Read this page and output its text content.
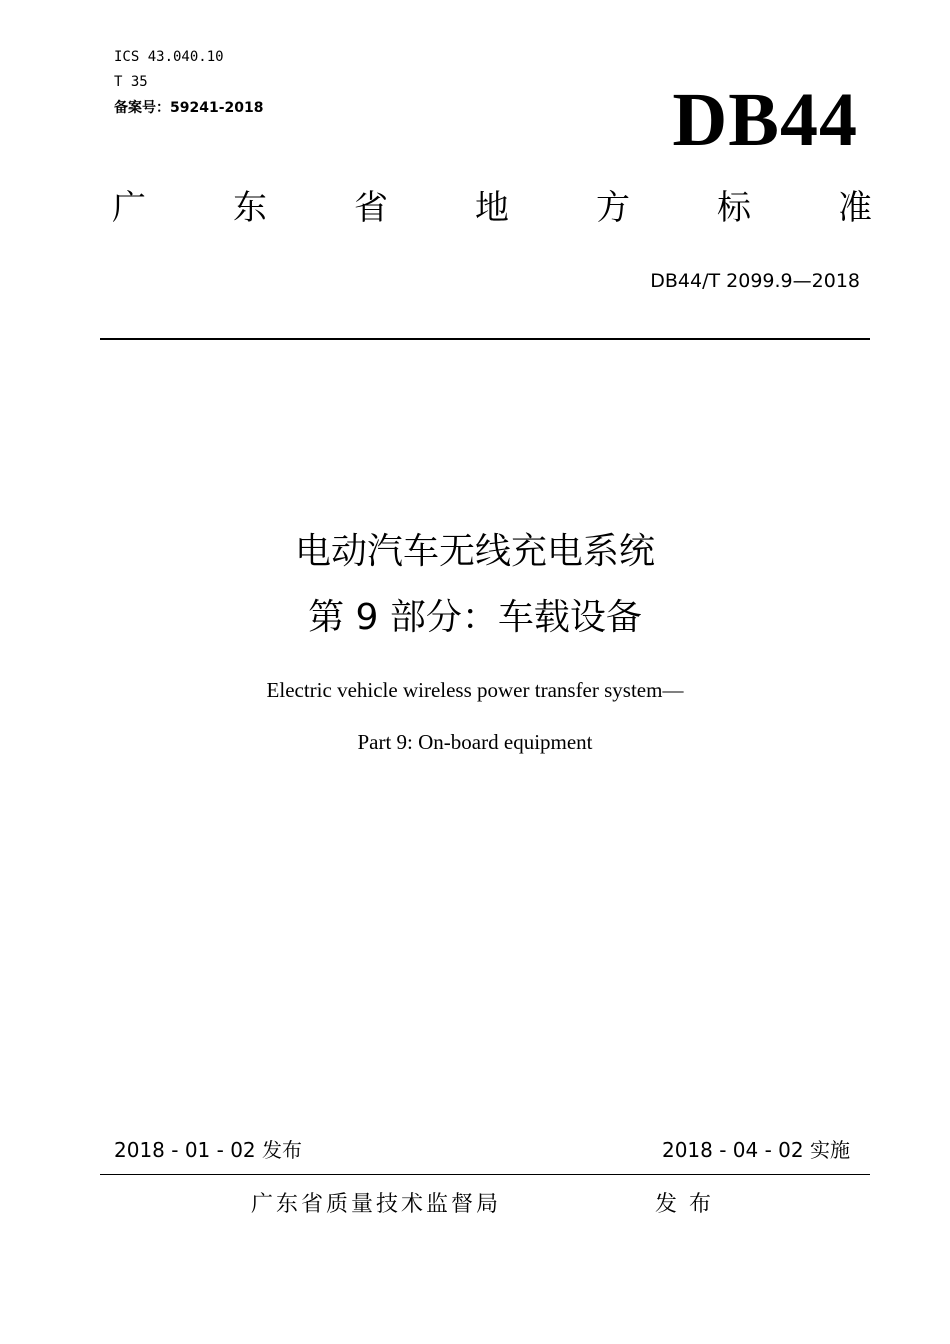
ICS 43.040.10
T 35
备案号：59241-2018	DB44
广	东	省	地	方	标	准
DB44/T 2099.9—2018
电动汽车无线充电系统
第 9 部分：车载设备
Electric vehicle wireless power transfer system—
Part 9: On-board equipment
2018 - 01 - 02 发布	2018 - 04 - 02 实施
广东省质量技术监督局	发布
